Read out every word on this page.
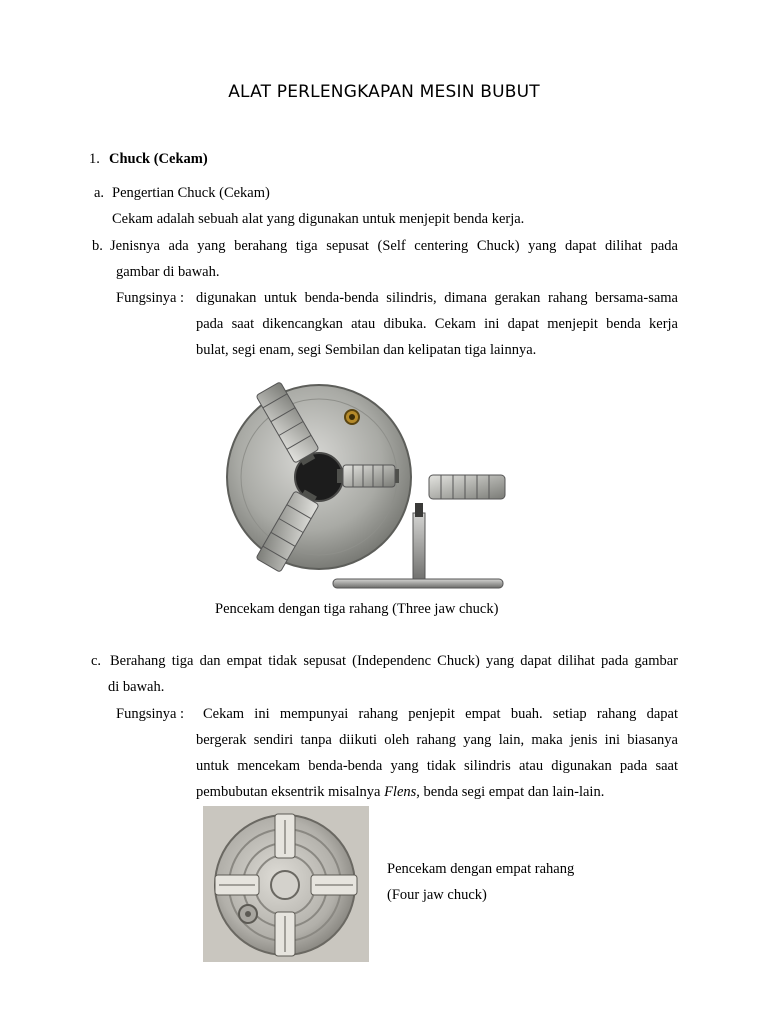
ALAT PERLENGKAPAN MESIN BUBUT
1. Chuck (Cekam)
a. Pengertian Chuck (Cekam)
Cekam adalah sebuah alat yang digunakan untuk menjepit benda kerja.
b. Jenisnya ada yang berahang tiga sepusat (Self centering Chuck) yang dapat dilihat pada
gambar di bawah.
Fungsinya : digunakan untuk benda-benda silindris, dimana gerakan rahang bersama-sama
pada saat dikencangkan atau dibuka. Cekam ini dapat menjepit benda kerja
bulat, segi enam, segi Sembilan dan kelipatan tiga lainnya.
Pencekam dengan tiga rahang (Three jaw chuck)
c. Berahang tiga dan empat tidak sepusat (Independenc Chuck) yang dapat dilihat pada gambar
di bawah.
Fungsinya : Cekam ini mempunyai rahang penjepit empat buah. setiap rahang dapat
bergerak sendiri tanpa diikuti oleh rahang yang lain, maka jenis ini biasanya
untuk mencekam benda-benda yang tidak silindris atau digunakan pada saat
pembubutan eksentrik misalnya Flens, benda segi empat dan lain-lain.
Pencekam dengan empat rahang
(Four jaw chuck)
